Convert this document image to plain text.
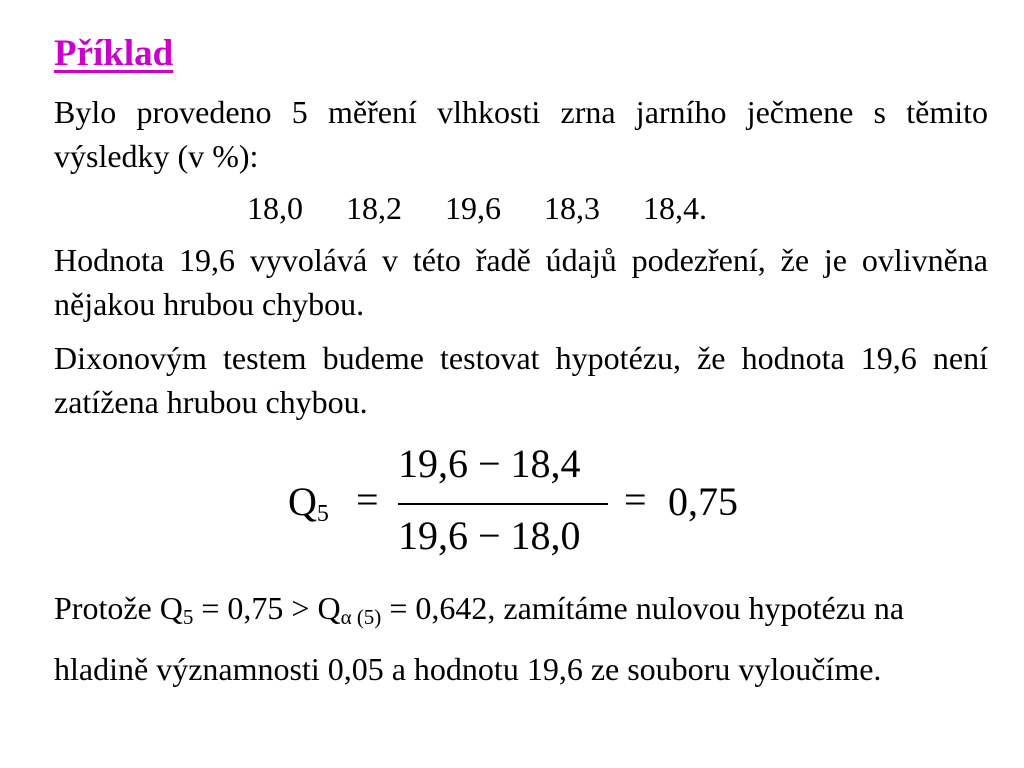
Příklad

Bylo provedeno 5 měření vlhkosti zrna jarního ječmene s těmito výsledky (v %):

18,0 18,2 19,6 18,3 18,4.

Hodnota 19,6 vyvolává v této řadě údajů podezření, že je ovlivněna nějakou hrubou chybou.

Dixonovým testem budeme testovat hypotézu, že hodnota 19,6 není zatížena hrubou chybou.

$Q_5$ =
19,6 − 18,4
19,6 − 18,0
= 0,75

Protože $Q_5 = 0,75 > Q_{\alpha (5)} = 0,642$, zamítáme nulovou hypotézu na hladině významnosti 0,05 a hodnotu 19,6 ze souboru vyloučíme.
